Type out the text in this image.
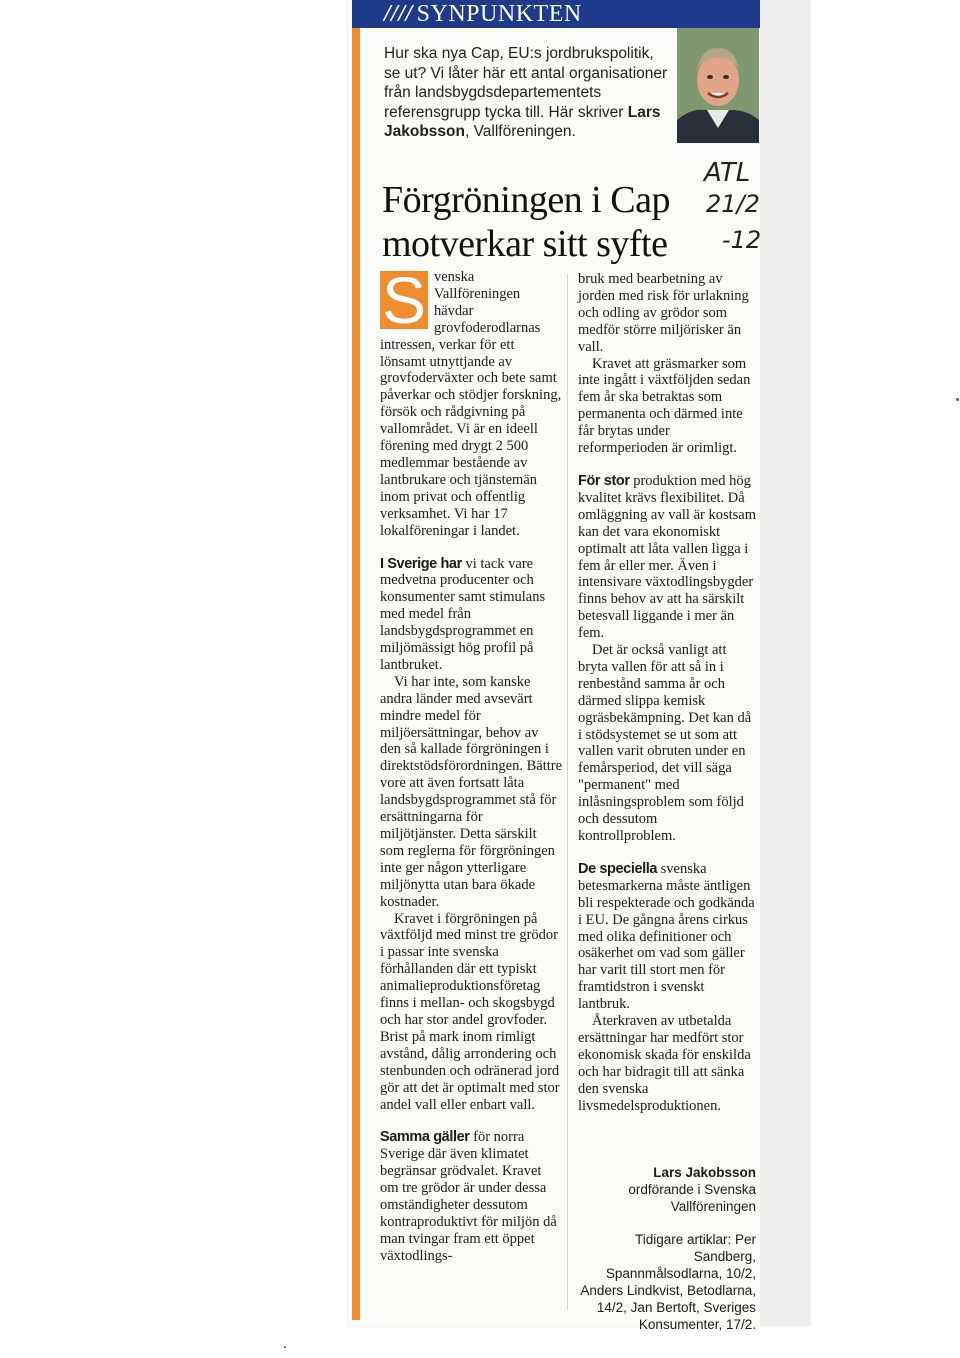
//// SYNPUNKTEN
Hur ska nya Cap, EU:s jordbrukspolitik, se ut? Vi låter här ett antal organisationer från landsbygdsdepartementets referensgrupp tycka till. Här skriver Lars Jakobsson, Vallföreningen.
Förgröningen i Cap motverkar sitt syfte
ATL
21/2
-12

S venska Vallföreningen hävdar grovfoderodlarnas intressen, verkar för ett lönsamt utnyttjande av grovfoderväxter och bete samt påverkar och stödjer forskning, försök och rådgivning på vallområdet. Vi är en ideell förening med drygt 2 500 medlemmar bestående av lantbrukare och tjänstemän inom privat och offentlig verksamhet. Vi har 17 lokalföreningar i landet.

I Sverige har vi tack vare medvetna producenter och konsumenter samt stimulans med medel från landsbygdsprogrammet en miljömässigt hög profil på lantbruket.

Vi har inte, som kanske andra länder med avsevärt mindre medel för miljöersättningar, behov av den så kallade förgröningen i direktstödsförordningen. Bättre vore att även fortsatt låta landsbygdsprogrammet stå för ersättningarna för miljötjänster. Detta särskilt som reglerna för förgröningen inte ger någon ytterligare miljönytta utan bara ökade kostnader.

Kravet i förgröningen på växtföljd med minst tre grödor i passar inte svenska förhållanden där ett typiskt animalieproduktionsföretag finns i mellan- och skogsbygd och har stor andel grovfoder. Brist på mark inom rimligt avstånd, dålig arrondering och stenbunden och odränerad jord gör att det är optimalt med stor andel vall eller enbart vall.

Samma gäller för norra Sverige där även klimatet begränsar grödvalet. Kravet om tre grödor är under dessa omständigheter dessutom kontraproduktivt för miljön då man tvingar fram ett öppet växtodlings-

bruk med bearbetning av jorden med risk för urlakning och odling av grödor som medför större miljörisker än vall.

Kravet att gräsmarker som inte ingått i växtföljden sedan fem år ska betraktas som permanenta och därmed inte får brytas under reformperioden är orimligt.

För stor produktion med hög kvalitet krävs flexibilitet. Då omläggning av vall är kostsam kan det vara ekonomiskt optimalt att låta vallen ligga i fem år eller mer. Även i intensivare växtodlingsbygder finns behov av att ha särskilt betesvall liggande i mer än fem.

Det är också vanligt att bryta vallen för att så in i renbestånd samma år och därmed slippa kemisk ogräsbekämpning. Det kan då i stödsystemet se ut som att vallen varit obruten under en femårsperiod, det vill säga "permanent" med inlåsningsproblem som följd och dessutom kontrollproblem.

De speciella svenska betesmarkerna måste äntligen bli respekterade och godkända i EU. De gångna årens cirkus med olika definitioner och osäkerhet om vad som gäller har varit till stort men för framtidstron i svenskt lantbruk.

Återkraven av utbetalda ersättningar har medfört stor ekonomisk skada för enskilda och har bidragit till att sänka den svenska livsmedelsproduktionen.

Lars Jakobsson
ordförande i Svenska Vallföreningen
Tidigare artiklar: Per Sandberg, Spannmålsodlarna, 10/2, Anders Lindkvist, Betodlarna, 14/2, Jan Bertoft, Sveriges Konsumenter, 17/2.
